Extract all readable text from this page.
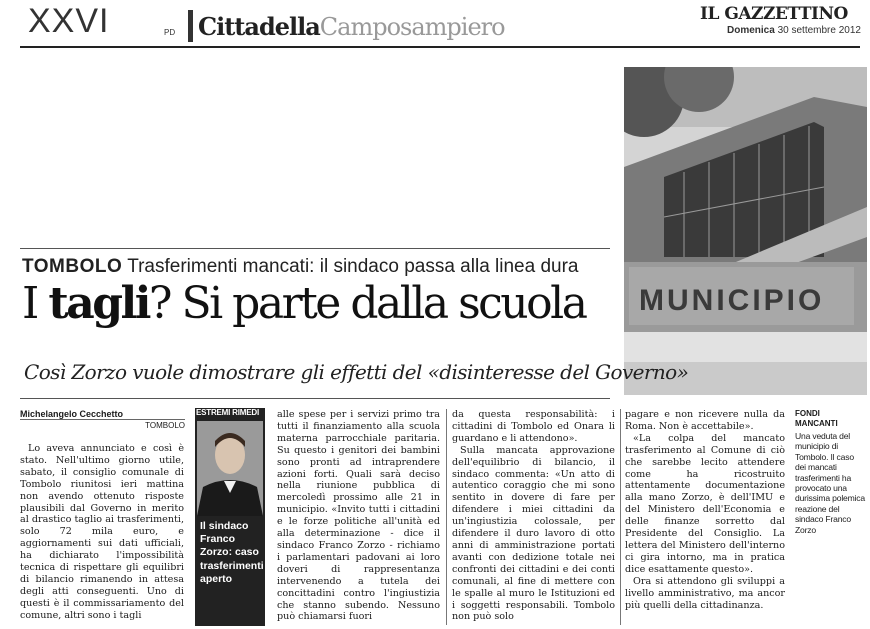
XXVI	PD CittadellaCamposampiero	IL GAZZETTINO
Domenica 30 settembre 2012
MUNICIPIO
TOMBOLO Trasferimenti mancati: il sindaco passa alla linea dura
I tagli? Si parte dalla scuola
Così Zorzo vuole dimostrare gli effetti del «disinteresse del Governo»
Michelangelo Cecchetto
TOMBOLO

Lo aveva annunciato e così è stato. Nell'ultimo giorno utile, sabato, il consiglio comunale di Tombolo riunitosi ieri mattina non avendo ottenuto risposte plausibili dal Governo in merito al drastico taglio ai trasferimenti, solo 72 mila euro, e aggiornamenti sui dati ufficiali, ha dichiarato l'impossibilità tecnica di rispettare gli equilibri di bilancio rimanendo in attesa degli atti conseguenti. Uno di questi è il commissariamento del comune, altri sono i tagli

ESTREMI RIMEDI
Il sindaco Franco Zorzo: caso trasferimenti aperto

alle spese per i servizi primo tra tutti il finanziamento alla scuola materna parrocchiale paritaria. Su questo i genitori dei bambini sono pronti ad intraprendere azioni forti. Quali sarà deciso nella riunione pubblica di mercoledì prossimo alle 21 in municipio. «Invito tutti i cittadini e le forze politiche all'unità ed alla determinazione - dice il sindaco Franco Zorzo - richiamo i parlamentari padovani ai loro doveri di rappresentanza intervenendo a tutela dei concittadini contro l'ingiustizia che stanno subendo. Nessuno può chiamarsi fuori

da questa responsabilità: i cittadini di Tombolo ed Onara li guardano e li attendono».

Sulla mancata approvazione dell'equilibrio di bilancio, il sindaco commenta: «Un atto di autentico coraggio che mi sono sentito in dovere di fare per difendere i miei cittadini da un'ingiustizia colossale, per difendere il duro lavoro di otto anni di amministrazione portati avanti con dedizione totale nei confronti dei cittadini e dei conti comunali, al fine di mettere con le spalle al muro le Istituzioni ed i soggetti responsabili. Tombolo non può solo

pagare e non ricevere nulla da Roma. Non è accettabile».

«La colpa del mancato trasferimento al Comune di ciò che sarebbe lecito attendere come ha ricostruito attentamente documentazione alla mano Zorzo, è dell'IMU e del Ministero dell'Economia e delle finanze sorretto dal Presidente del Consiglio. La lettera del Ministero dell'interno ci gira intorno, ma in pratica dice esattamente questo».

Ora si attendono gli sviluppi a livello amministrativo, ma ancor più quelli della cittadinanza.

FONDI MANCANTI
Una veduta del municipio di Tombolo. Il caso dei mancati trasferimenti ha provocato una durissima polemica reazione del sindaco Franco Zorzo
